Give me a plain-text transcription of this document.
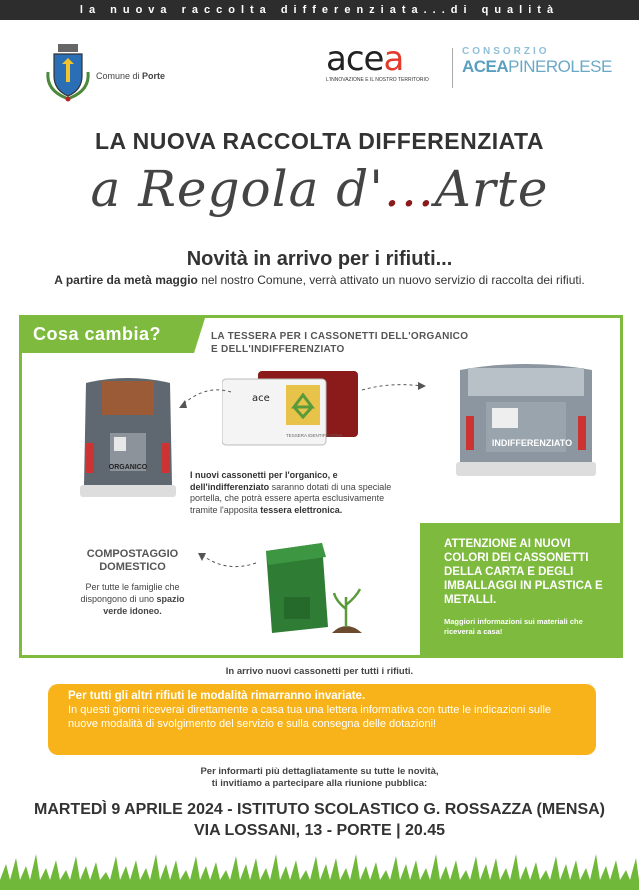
la nuova raccolta differenziata...di qualità
Comune di Porte	acea
L'INNOVAZIONE E IL NOSTRO TERRITORIO
CONSORZIO
ACEAPINEROLESE
LA NUOVA RACCOLTA DIFFERENZIATA
a Regola d'...Arte
Novità in arrivo per i rifiuti...
A partire da metà maggio nel nostro Comune, verrà attivato un nuovo servizio di raccolta dei rifiuti.
Cosa cambia?	LA TESSERA PER I CASSONETTI DELL'ORGANICO
E DELL'INDIFFERENZIATO
ORGANICO
ace
TESSERA IDENTIFICATIVA
INDIFFERENZIATO
I nuovi cassonetti per l'organico, e dell'indifferenziato saranno dotati di una speciale portella, che potrà essere aperta esclusivamente tramite l'apposita tessera elettronica.
COMPOSTAGGIO
DOMESTICO
Per tutte le famiglie che dispongono di uno spazio verde idoneo.
ATTENZIONE AI NUOVI COLORI DEI CASSONETTI DELLA CARTA E DEGLI IMBALLAGGI IN PLASTICA E METALLI.
Maggiori informazioni sui materiali che riceverai a casa!
In arrivo nuovi cassonetti per tutti i rifiuti.
Per tutti gli altri rifiuti le modalità rimarranno invariate.
In questi giorni riceverai direttamente a casa tua una lettera informativa con tutte le indicazioni sulle nuove modalità di svolgimento del servizio e sulla consegna delle dotazioni!
Per informarti più dettagliatamente su tutte le novità,
ti invitiamo a partecipare alla riunione pubblica:
MARTEDÌ 9 APRILE 2024 - ISTITUTO SCOLASTICO G. ROSSAZZA (MENSA)
VIA LOSSANI, 13 - PORTE | 20.45
